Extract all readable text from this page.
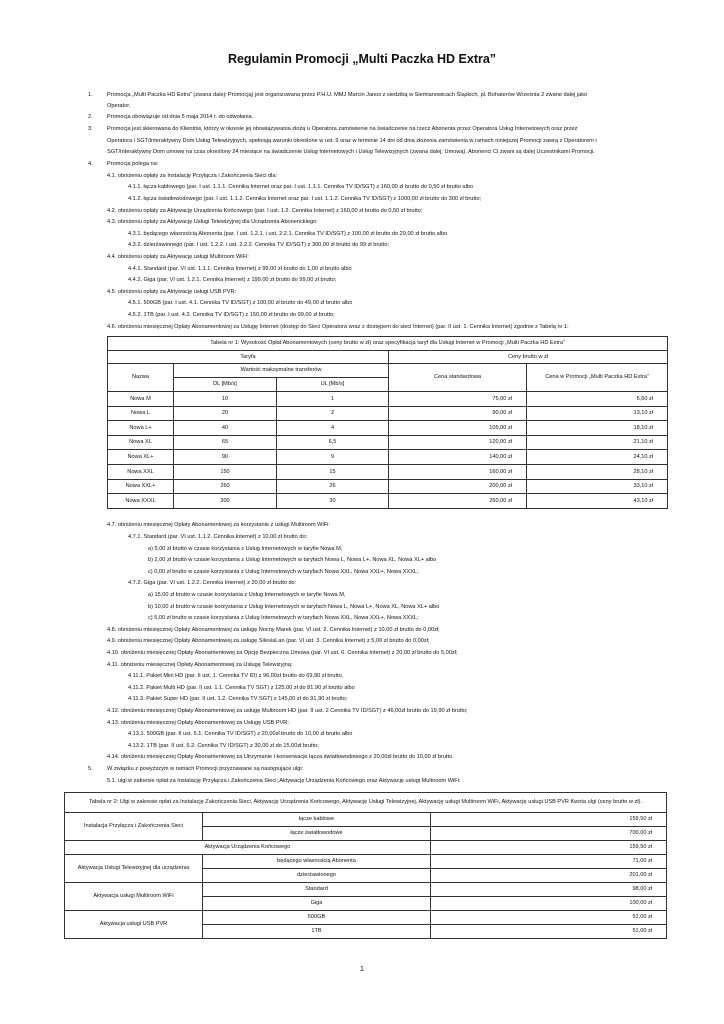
Regulamin Promocji „Multi Paczka HD Extra”
1.	Promocja „Multi Paczka HD Extra” (zwana dalej: Promocją) jest organizowana przez P.H.U. MMJ Marcin Janos z siedzibą w Siemianowicach Śląskich, pl. Bohaterów Września 2 zwane dalej jako
Operator.
2.	Promocja obowiązuje od dnia 5 maja 2014 r. do odwołania.
3.	Promocja jest skierowana do Klientów, którzy w okresie jej obowiązywania złożą u Operatora zamówienie na świadczenie na rzecz Abonenta przez Operatora Usług Internetowych oraz przez
Operatora i SGT/Interaktywny Dom Usług Telewizyjnych, spełniają warunki określone w ust. 9 oraz w terminie 14 dni od dnia złożenia zamówienia w ramach niniejszej Promocji zawrą z Operatorem i
SGT/Interaktywny Dom umowę na czas określony 24 miesiące na świadczenie Usług Internetowych i Usług Telewizyjnych (zwana dalej: Umową). Abonenci Ci zwani są dalej Uczestnikami Promocji.
4.	Promocja polega na:
4.1. obniżeniu opłaty za Instalację Przyłącza i Zakończenia Sieci dla:
4.1.1. łącza kablowego (par. I ust. 1.1.1. Cennika Internet oraz par. I ust. 1.1.1. Cennika TV ID/SGT) z 160,00 zł brutto do 0,50 zł brutto albo
4.1.2. łącza światłowodowego (par. I ust. 1.1.2. Cennika Internet oraz par. I ust. 1.1.2. Cennika TV ID/SGT) z 1000,00 zł brutto do 300 zł brutto;
4.2. obniżeniu opłaty za Aktywację Urządzenia Końcowego (par. I ust. 1.2. Cennika Internet) z 160,00 zł brutto do 0,50 zł brutto;
4.3. obniżeniu opłaty za Aktywację Usługi Telewizyjnej dla Urządzenia Abonenckiego:
4.3.1. będącego własnością Abonenta (par. I ust. 1.2.1. i ust. 2.2.1. Cennika TV ID/SGT) z 100,00 zł brutto do 29,00 zł brutto albo
4.3.2. dzierżawionego (par. I ust. 1.2.2. i ust. 2.2.2. Cennika TV ID/SGT) z 300,00 zł brutto do 99 zł brutto;
4.4. obniżeniu opłaty za Aktywację usługi Multiroom WiFi:
4.4.1. Standard (par. VI ust. 1.1.1. Cennika Internet) z 99,00 zł brutto do 1,00 zł brutto albo
4.4.2. Giga (par. VI ust. 1.2.1. Cennika Internet) z 199,00 zł brutto do 99,00 zł brutto;
4.5. obniżeniu opłaty za Aktywację usługi USB PVR:
4.5.1. 500GB (par. I ust. 4.1. Cennika TV ID/SGT) z 100,00 zł brutto do 49,00 zł brutto albo
4.5.2. 1TB (par. I ust. 4.2. Cennika TV ID/SGT) z 150,00 zł brutto do 99,00 zł brutto;
4.6. obniżeniu miesięcznej Opłaty Abonamentowej za Usługę Internet (dostęp do Sieci Operatora wraz z dostępem do sieci Internet) (par. II ust. 1. Cennika Internet) zgodnie z Tabelą nr 1:
Tabela nr 1: Wysokość Opłat Abonamentowych (ceny brutto w zł) oraz specyfikacja taryf dla Usługi Internet w Promocji „Multi Paczka HD Extra”				
Taryfa			Ceny brutto w zł	
Nazwa	Wartość maksymalne transferów		Cena standardowa	Cena w Promocji „Multi Paczka HD Extra”
	DL [Mb/s]	UL [Mb/s]		
Nowa M	10	1	75,00 zł	5,60 zł
Nowa L	20	2	90,00 zł	13,10 zł
Nowa L+	40	4	105,00 zł	18,10 zł
Nowa XL	65	6,5	120,00 zł	21,10 zł
Nowa XL+	90	9	140,00 zł	24,10 zł
Nowa XXL	150	15	160,00 zł	28,10 zł
Nowa XXL+	260	26	200,00 zł	33,10 zł
Nowa XXXL	300	30	260,00 zł	43,10 zł
4.7. obniżeniu miesięcznej Opłaty Abonamentowej za korzystanie z usługi Multiroom WiFi:
4.7.1. Standard (par. VI ust. 1.1.2. Cennika Internet) z 10,00 zł brutto do:
a) 5,00 zł brutto w czasie korzystania z Usług Internetowych w taryfie Nowa M,
b) 2,00 zł brutto w czasie korzystania z Usług Internetowych w taryfach Nowa L, Nowa L+, Nowa XL, Nowa XL+ albo
c) 0,00 zł brutto w czasie korzystania z Usług Internetowych w taryfach Nowa XXL, Nowa XXL+, Nowa XXXL;
4.7.2. Giga (par. VI ust. 1.2.2. Cennika Internet) z 20,00 zł brutto do:
a) 15,00 zł brutto w czasie korzystania z Usług Internetowych w taryfie Nowa M,
b) 10,00 zł brutto w czasie korzystania z Usług Internetowych w taryfach Nowa L, Nowa L+, Nowa XL, Nowa XL+ albo
c) 5,00 zł brutto w czasie korzystania z Usług Internetowych w taryfach Nowa XXL, Nowa XXL+, Nowa XXXL;
4.8. obniżeniu miesięcznej Opłaty Abonamentowej za usługę Nocny Marek (par. VI ust. 2. Cennika Internet) z 10,00 zł brutto do 0,00zł;
4.9. obniżeniu miesięcznej Opłaty Abonamentowej za usługę SilesiaLan (par. VI ust. 3. Cennika Internet) z 5,00 zł brutto do 0,00zł;
4.10. obniżeniu miesięcznej Opłaty Abonamentowej za Opcję Bezpieczna Umowa (par. VI ust. 6. Cennika Internet) z 20,00 zł brutto do 5,00zł;
4.11. obniżeniu miesięcznej Opłaty Abonamentowej za Usługę Telewizyjną:
4.11.1. Pakiet Mini HD (par. II ust. 1. Cennika TV ID) z 96,00zł brutto do 69,90 zł brutto,
4.11.2. Pakiet Multi HD (par. II ust. 1.1. Cennika TV SGT) z 125,00 zł do 81,90 zł brutto albo
4.11.3. Pakiet Super HD (par. II ust. 1.2. Cennika TV SGT) z 145,00 zł do 91,90 zł brutto;
4.12. obniżeniu miesięcznej Opłaty Abonamentowej za usługę Multiroom HD (par. II ust. 2 Cennika TV ID/SGT) z 46,00zł brutto do 19,90 zł brutto;
4.13. obniżeniu miesięcznej Opłaty Abonamentowej za Usługę USB PVR:
4.13.1. 500GB (par. II ust. 6.1. Cennika TV ID/SGT) z 20,00zł brutto do 10,00 zł brutto albo
4.13.2. 1TB (par. II ust. 6.2. Cennika TV ID/SGT) z 30,00 zł do 15,00zł brutto;
4.14. obniżeniu miesięcznej Opłaty Abonamentowej za Utrzymanie i konserwacje łącza światłowodowego z 20,00zł brutto do 10,00 zł brutto.
5.	W związku z powyższym w ramach Promocji przyznawane są następujące ulgi:
5.1. ulgi w zakresie opłat za Instalację Przyłącza i Zakończenia Sieci, Aktywację Urządzenia Końcowego oraz Aktywację usługi Multiroom WiFi:
Tabela nr 2: Ulgi w zakresie opłat za Instalację Zakończenia Sieci, Aktywację Urządzenia Końcowego, Aktywację Usługi Telewizyjnej, Aktywację usługi Multiroom WiFi, Aktywację usługi USB PVR Kwota ulgi (ceny brutto w zł).		
Instalacja Przyłącza i Zakończenia Sieci	łącze kablowe	159,50 zł
	łącze światłowodowe	700,00 zł
Aktywacja Urządzenia Końcowego		159,50 zł
Aktywacja Usługi Telewizyjnej dla urządzenia	będącego własnością Abonenta	71,00 zł
	dzierżawionego	201,00 zł
Aktywacja usługi Multiroom WiFi	Standard	98,00 zł
	Giga	100,00 zł
Aktywacja usługi USB PVR	500GB	51,00 zł
	1TB	51,00 zł
1
